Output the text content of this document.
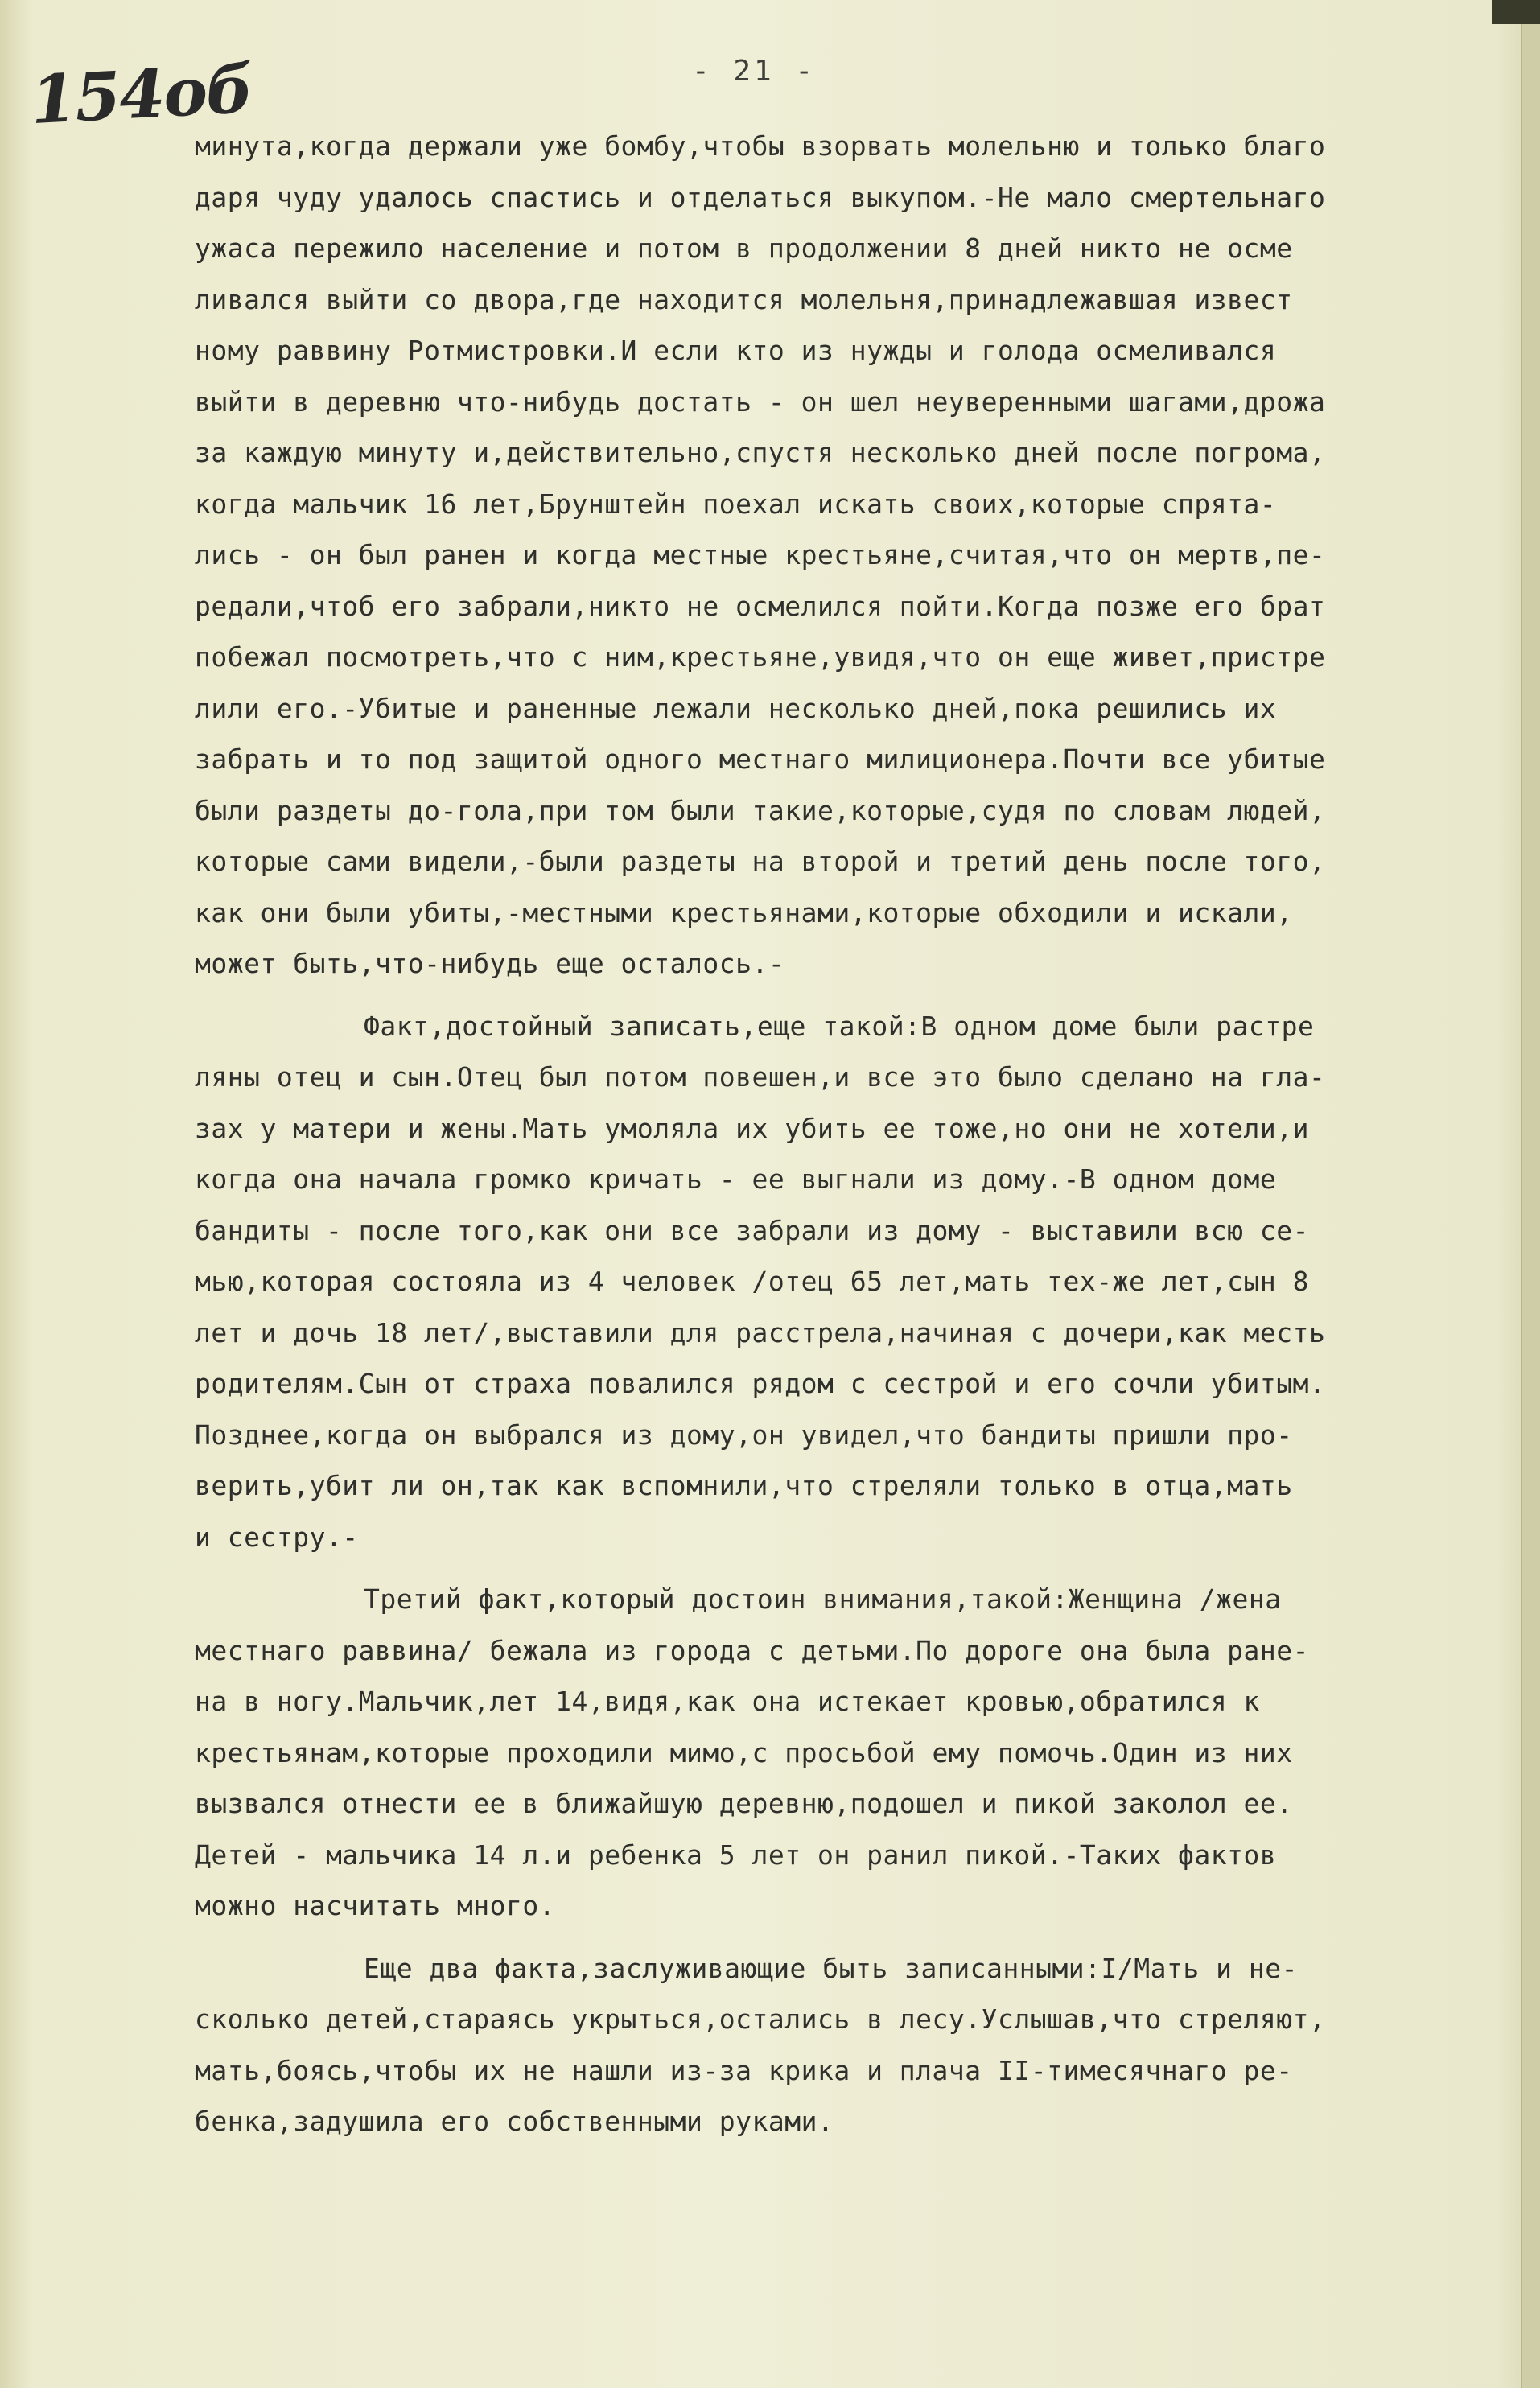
154об	- 21 -
минута,когда держали уже бомбу,чтобы взорвать молельню и только благо
даря чуду удалось спастись и отделаться выкупом.-Не мало смертельнаго
ужаса пережило население и потом в продолжении 8 дней никто не осме
ливался выйти со двора,где находится молельня,принадлежавшая извест
ному раввину Ротмистровки.И если кто из нужды и голода осмеливался
выйти в деревню что-нибудь достать - он шел неуверенными шагами,дрожа
за каждую минуту и,действительно,спустя несколько дней после погрома,
когда мальчик 16 лет,Брунштейн поехал искать своих,которые спрята-
лись - он был ранен и когда местные крестьяне,считая,что он мертв,пе-
редали,чтоб его забрали,никто не осмелился пойти.Когда позже его брат
побежал посмотреть,что с ним,крестьяне,увидя,что он еще живет,пристре
лили его.-Убитые и раненные лежали несколько дней,пока решились их
забрать и то под защитой одного местнаго милиционера.Почти все убитые
были раздеты до-гола,при том были такие,которые,судя по словам людей,
которые сами видели,-были раздеты на второй и третий день после того,
как они были убиты,-местными крестьянами,которые обходили и искали,
может быть,что-нибудь еще осталось.-
Факт,достойный записать,еще такой:В одном доме были растре
ляны отец и сын.Отец был потом повешен,и все это было сделано на гла-
зах у матери и жены.Мать умоляла их убить ее тоже,но они не хотели,и
когда она начала громко кричать - ее выгнали из дому.-В одном доме
бандиты - после того,как они все забрали из дому - выставили всю се-
мью,которая состояла из 4 человек /отец 65 лет,мать тех-же лет,сын 8
лет и дочь 18 лет/,выставили для расстрела,начиная с дочери,как месть
родителям.Сын от страха повалился рядом с сестрой и его сочли убитым.
Позднее,когда он выбрался из дому,он увидел,что бандиты пришли про-
верить,убит ли он,так как вспомнили,что стреляли только в отца,мать
и сестру.-
Третий факт,который достоин внимания,такой:Женщина /жена
местнаго раввина/ бежала из города с детьми.По дороге она была ране-
на в ногу.Мальчик,лет 14,видя,как она истекает кровью,обратился к
крестьянам,которые проходили мимо,с просьбой ему помочь.Один из них
вызвался отнести ее в ближайшую деревню,подошел и пикой заколол ее.
Детей - мальчика 14 л.и ребенка 5 лет он ранил пикой.-Таких фактов
можно насчитать много.
Еще два факта,заслуживающие быть записанными:I/Мать и не-
сколько детей,стараясь укрыться,остались в лесу.Услышав,что стреляют,
мать,боясь,чтобы их не нашли из-за крика и плача II-тимесячнаго ре-
бенка,задушила его собственными руками.
